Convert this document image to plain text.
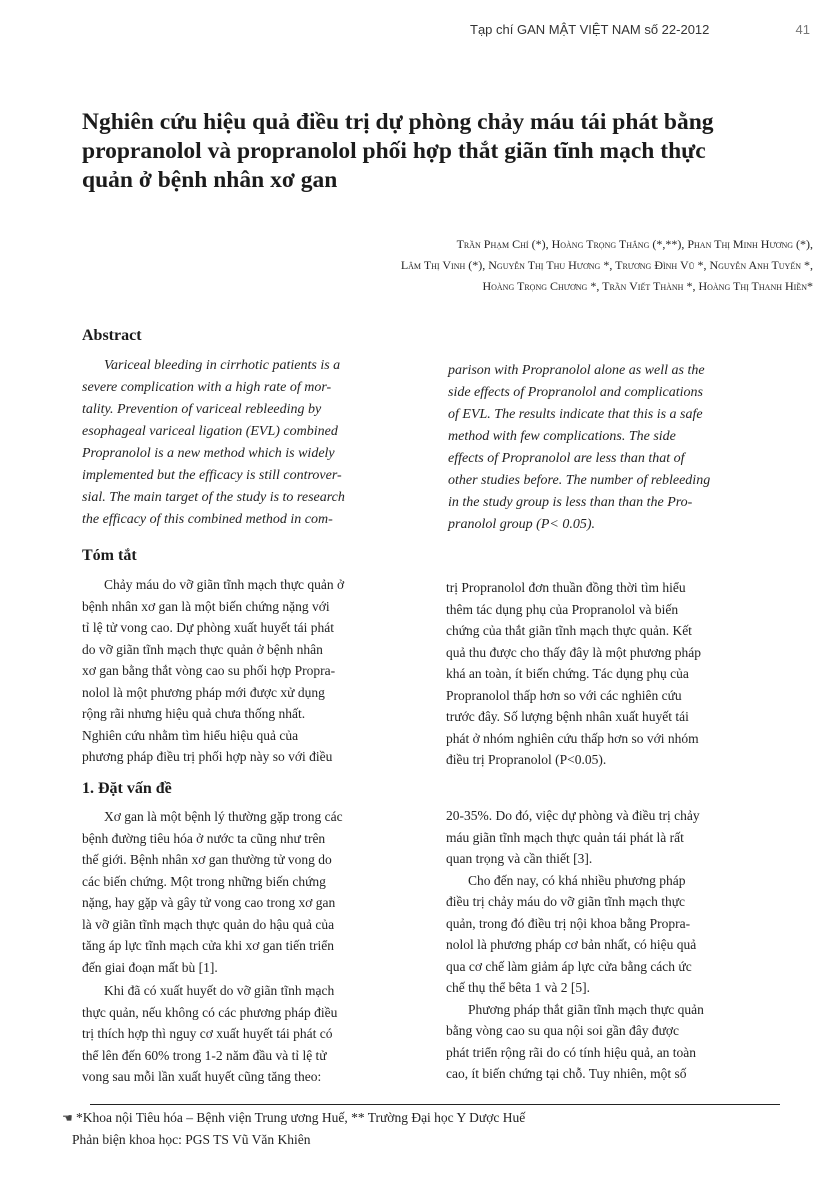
Tạp chí GAN MẬT VIỆT NAM số 22-2012	41
Nghiên cứu hiệu quả điều trị dự phòng chảy máu tái phát bằng
propranolol và propranolol phối hợp thắt giãn tĩnh mạch thực
quản ở bệnh nhân xơ gan
Trần Phạm Chí (*), Hoàng Trọng Thắng (*,**), Phan Thị Minh Hương (*),
Lâm Thị Vinh (*), Nguyễn Thị Thu Hương *, Trương Đình Vũ *, Nguyễn Anh Tuyến *,
Hoàng Trọng Chương *, Trần Viết Thành *, Hoàng Thị Thanh Hiền*
Abstract
Variceal bleeding in cirrhotic patients is a
severe complication with a high rate of mor-
tality. Prevention of variceal rebleeding by
esophageal variceal ligation (EVL) combined
Propranolol is a new method which is widely
implemented but the efficacy is still controver-
sial. The main target of the study is to research
the efficacy of this combined method in com-
parison with Propranolol alone as well as the
side effects of Propranolol and complications
of EVL. The results indicate that this is a safe
method with few complications. The side
effects of Propranolol are less than that of
other studies before. The number of rebleeding
in the study group is less than than the Pro-
pranolol group (P< 0.05).
Tóm tắt
Chảy máu do vỡ giãn tĩnh mạch thực quản ở
bệnh nhân xơ gan là một biến chứng nặng với
tỉ lệ tử vong cao. Dự phòng xuất huyết tái phát
do vỡ giãn tĩnh mạch thực quản ở bệnh nhân
xơ gan bằng thắt vòng cao su phối hợp Propra-
nolol là một phương pháp mới được xử dụng
rộng rãi nhưng hiệu quả chưa thống nhất.
Nghiên cứu nhằm tìm hiểu hiệu quả của
phương pháp điều trị phối hợp này so với điều
trị Propranolol đơn thuần đồng thời tìm hiểu
thêm tác dụng phụ của Propranolol và biến
chứng của thắt giãn tĩnh mạch thực quản. Kết
quả thu được cho thấy đây là một phương pháp
khá an toàn, ít biến chứng. Tác dụng phụ của
Propranolol thấp hơn so với các nghiên cứu
trước đây. Số lượng bệnh nhân xuất huyết tái
phát ở nhóm nghiên cứu thấp hơn so với nhóm
điều trị Propranolol (P<0.05).
1. Đặt vấn đề
Xơ gan là một bệnh lý thường gặp trong các
bệnh đường tiêu hóa ở nước ta cũng như trên
thế giới. Bệnh nhân xơ gan thường tử vong do
các biến chứng. Một trong những biến chứng
nặng, hay gặp và gây tử vong cao trong xơ gan
là vỡ giãn tĩnh mạch thực quản do hậu quả của
tăng áp lực tĩnh mạch cửa khi xơ gan tiến triển
đến giai đoạn mất bù [1].
Khi đã có xuất huyết do vỡ giãn tĩnh mạch
thực quản, nếu không có các phương pháp điều
trị thích hợp thì nguy cơ xuất huyết tái phát có
thể lên đến 60% trong 1-2 năm đầu và tỉ lệ tử
vong sau mỗi lần xuất huyết cũng tăng theo:
20-35%. Do đó, việc dự phòng và điều trị chảy
máu giãn tĩnh mạch thực quản tái phát là rất
quan trọng và cần thiết [3].
Cho đến nay, có khá nhiều phương pháp
điều trị chảy máu do vỡ giãn tĩnh mạch thực
quản, trong đó điều trị nội khoa bằng Propra-
nolol là phương pháp cơ bản nhất, có hiệu quả
qua cơ chế làm giảm áp lực cửa bằng cách ức
chế thụ thể bêta 1 và 2 [5].
Phương pháp thắt giãn tĩnh mạch thực quản
bằng vòng cao su qua nội soi gần đây được
phát triển rộng rãi do có tính hiệu quả, an toàn
cao, ít biến chứng tại chỗ. Tuy nhiên, một số
☚ *Khoa nội Tiêu hóa – Bệnh viện Trung ương Huế, ** Trường Đại học Y Dược Huế
Phản biện khoa học: PGS TS Vũ Văn Khiên
